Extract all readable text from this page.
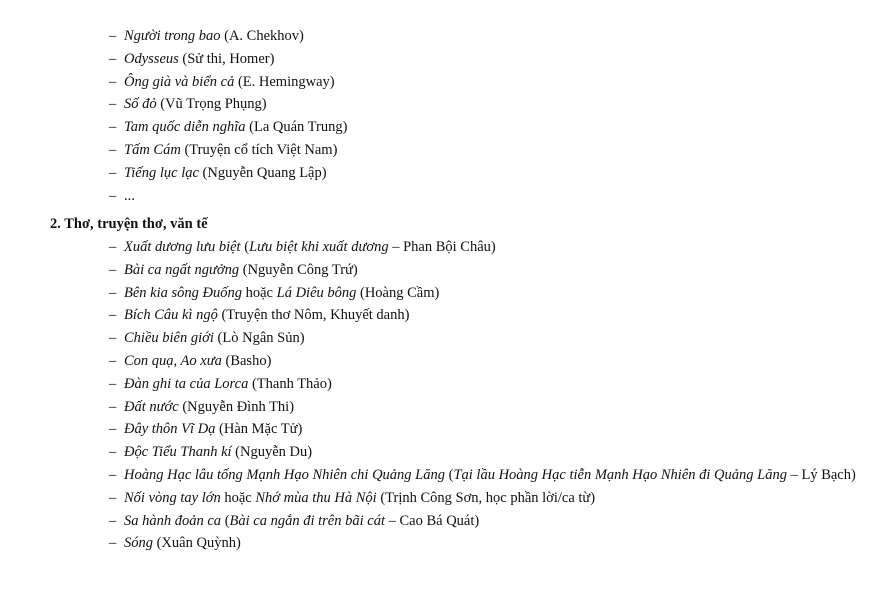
– Người trong bao (A. Chekhov)
– Odysseus (Sử thi, Homer)
– Ông già và biển cả (E. Hemingway)
– Số đỏ (Vũ Trọng Phụng)
– Tam quốc diễn nghĩa (La Quán Trung)
– Tấm Cám (Truyện cổ tích Việt Nam)
– Tiếng lục lạc (Nguyễn Quang Lập)
– ...
2. Thơ, truyện thơ, văn tế
– Xuất dương lưu biệt (Lưu biệt khi xuất dương – Phan Bội Châu)
– Bài ca ngất ngưởng (Nguyễn Công Trứ)
– Bên kia sông Đuống hoặc Lá Diêu bông (Hoàng Cầm)
– Bích Câu kì ngộ (Truyện thơ Nôm, Khuyết danh)
– Chiều biên giới (Lò Ngân Sủn)
– Con quạ, Ao xưa (Basho)
– Đàn ghi ta của Lorca (Thanh Thảo)
– Đất nước (Nguyễn Đình Thi)
– Đây thôn Vĩ Dạ (Hàn Mặc Tử)
– Độc Tiểu Thanh kí (Nguyễn Du)
– Hoàng Hạc lâu tống Mạnh Hạo Nhiên chi Quảng Lăng (Tại lầu Hoàng Hạc tiễn Mạnh Hạo Nhiên đi Quảng Lăng – Lý Bạch)
– Nối vòng tay lớn hoặc Nhớ mùa thu Hà Nội (Trịnh Công Sơn, học phần lời/ca từ)
– Sa hành đoản ca (Bài ca ngắn đi trên bãi cát – Cao Bá Quát)
– Sóng (Xuân Quỳnh)
